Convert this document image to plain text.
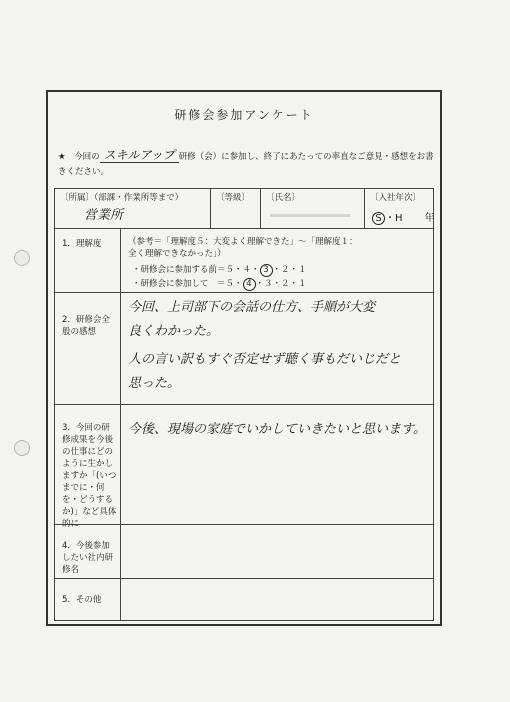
研修会参加アンケート
★　今回の スキルアップ 研修（会）に参加し、終了にあたっての率直なご意見・感想をお書きください。
〔所属〕（部課・作業所等まで）
営業所
〔等級〕 〔氏名〕	〔入社年次〕
S ・H 年
1．理解度	（参考＝「理解度５：大変よく理解できた」～「理解度１：全く理解できなかった」）
・研修会に参加する前＝５・４・ 3 ・２・１
・研修会に参加して　＝５・ 4 ・３・２・１
2．研修会全般の感想
今回、上司部下の会話の仕方、手順が大変
良くわかった。
人の言い訳もすぐ否定せず聴く事もだいじだと
思った。
3．今回の研修成果を今後の仕事にどのように生かしますか「(いつまでに・何を・どうするか)」など具体的に
今後、現場の家庭でいかしていきたいと思います。
4．今後参加したい社内研修名
5．その他
